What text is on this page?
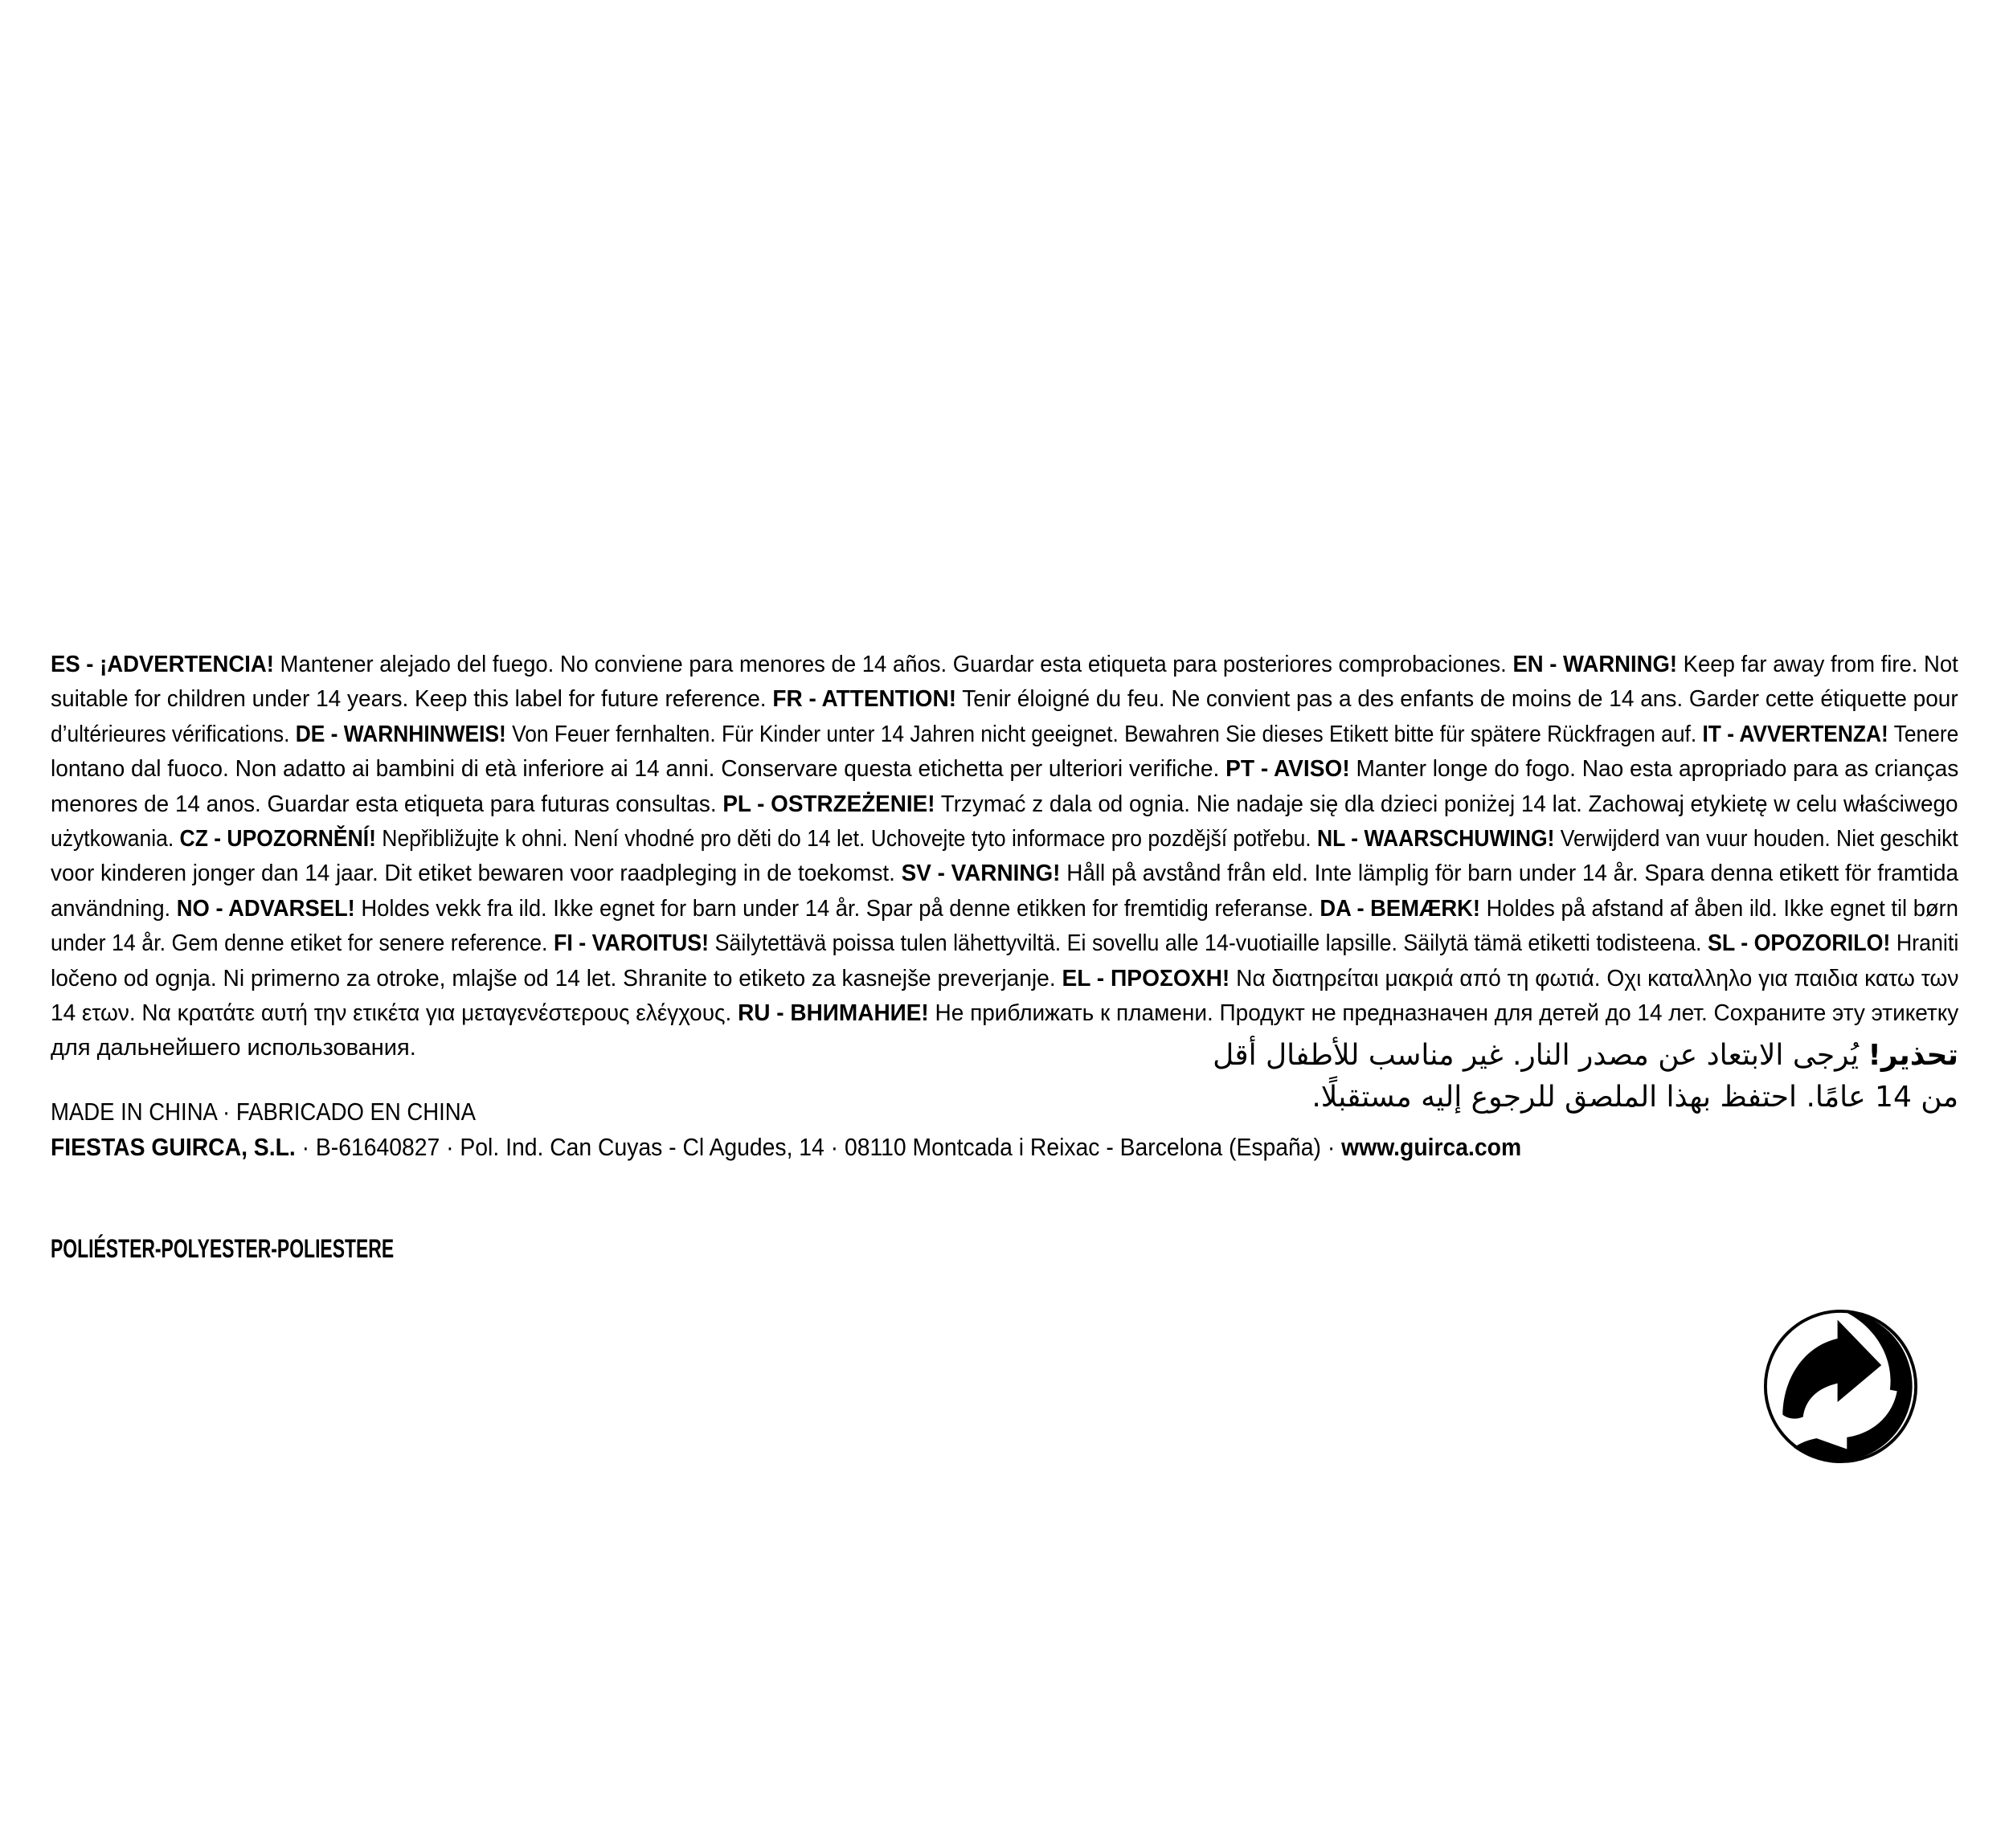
ES - ¡ADVERTENCIA! Mantener alejado del fuego. No conviene para menores de 14 años. Guardar esta etiqueta para posteriores comprobaciones. EN - WARNING! Keep far away from fire. Not
suitable for children under 14 years. Keep this label for future reference. FR - ATTENTION! Tenir éloigné du feu. Ne convient pas a des enfants de moins de 14 ans. Garder cette étiquette pour
d’ultérieures vérifications. DE - WARNHINWEIS! Von Feuer fernhalten. Für Kinder unter 14 Jahren nicht geeignet. Bewahren Sie dieses Etikett bitte für spätere Rückfragen auf. IT - AVVERTENZA! Tenere
lontano dal fuoco. Non adatto ai bambini di età inferiore ai 14 anni. Conservare questa etichetta per ulteriori verifiche. PT - AVISO! Manter longe do fogo. Nao esta apropriado para as crianças
menores de 14 anos. Guardar esta etiqueta para futuras consultas. PL - OSTRZEŻENIE! Trzymać z dala od ognia. Nie nadaje się dla dzieci poniżej 14 lat. Zachowaj etykietę w celu właściwego
użytkowania. CZ - UPOZORNĚNÍ! Nepřibližujte k ohni. Není vhodné pro děti do 14 let. Uchovejte tyto informace pro pozdější potřebu. NL - WAARSCHUWING! Verwijderd van vuur houden. Niet geschikt
voor kinderen jonger dan 14 jaar. Dit etiket bewaren voor raadpleging in de toekomst. SV - VARNING! Håll på avstånd från eld. Inte lämplig för barn under 14 år. Spara denna etikett för framtida
användning. NO - ADVARSEL! Holdes vekk fra ild. Ikke egnet for barn under 14 år. Spar på denne etikken for fremtidig referanse. DA - BEMÆRK! Holdes på afstand af åben ild. Ikke egnet til børn
under 14 år. Gem denne etiket for senere reference. FI - VAROITUS! Säilytettävä poissa tulen lähettyviltä. Ei sovellu alle 14-vuotiaille lapsille. Säilytä tämä etiketti todisteena. SL - OPOZORILO! Hraniti
ločeno od ognja. Ni primerno za otroke, mlajše od 14 let. Shranite to etiketo za kasnejše preverjanje. EL - ΠΡΟΣΟΧΗ! Να διατηρείται μακριά από τη φωτιά. Οχι καταλληλο για παιδια κατω των
14 ετων. Να κρατάτε αυτή την ετικέτα για μεταγενέστερους ελέγχους. RU - ВНИМАНИЕ! Не приближать к пламени. Продукт не предназначен для детей до 14 лет. Сохраните эту этикетку
для дальнейшего использования.	تحذير! يُرجى الابتعاد عن مصدر النار. غير مناسب للأطفال أقل
من 14 عامًا. احتفظ بهذا الملصق للرجوع إليه مستقبلًا.
MADE IN CHINA · FABRICADO EN CHINA
FIESTAS GUIRCA, S.L. · B-61640827 · Pol. Ind. Can Cuyas - Cl Agudes, 14 · 08110 Montcada i Reixac - Barcelona (España) · www.guirca.com
POLIÉSTER-POLYESTER-POLIESTERE
